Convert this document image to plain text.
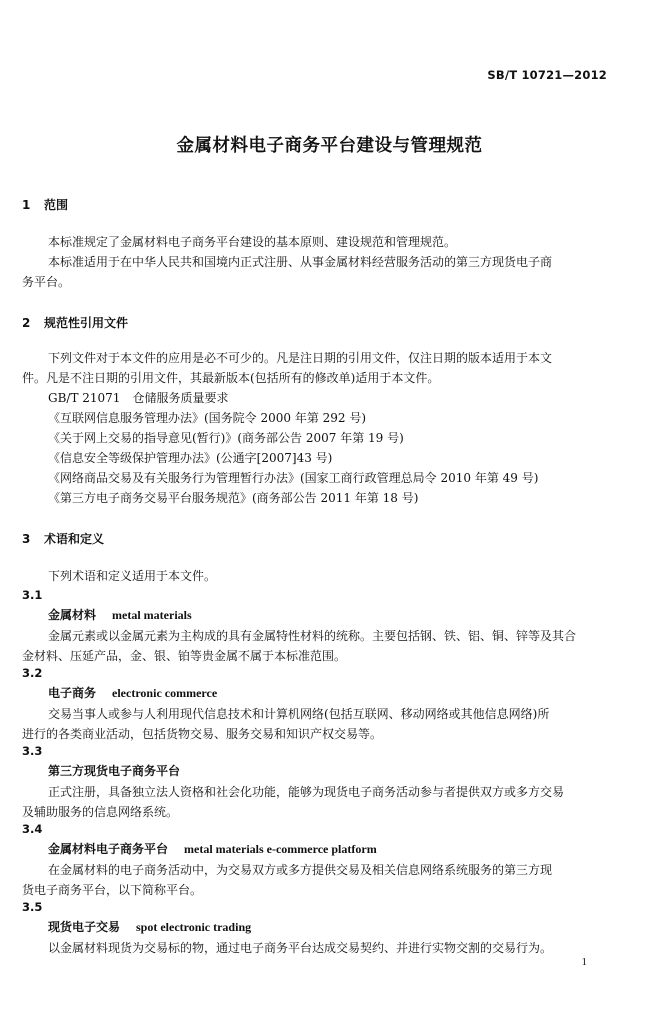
SB/T 10721—2012
金属材料电子商务平台建设与管理规范
1 范围
本标准规定了金属材料电子商务平台建设的基本原则、建设规范和管理规范。
本标准适用于在中华人民共和国境内正式注册、从事金属材料经营服务活动的第三方现货电子商
务平台。
2 规范性引用文件
下列文件对于本文件的应用是必不可少的。凡是注日期的引用文件，仅注日期的版本适用于本文
件。凡是不注日期的引用文件，其最新版本(包括所有的修改单)适用于本文件。
GB/T 21071　仓储服务质量要求
《互联网信息服务管理办法》(国务院令 2000 年第 292 号)
《关于网上交易的指导意见(暂行)》(商务部公告 2007 年第 19 号)
《信息安全等级保护管理办法》(公通字[2007]43 号)
《网络商品交易及有关服务行为管理暂行办法》(国家工商行政管理总局令 2010 年第 49 号)
《第三方电子商务交易平台服务规范》(商务部公告 2011 年第 18 号)
3 术语和定义
下列术语和定义适用于本文件。
3.1
金属材料 metal materials
金属元素或以金属元素为主构成的具有金属特性材料的统称。主要包括钢、铁、铝、铜、锌等及其合
金材料、压延产品，金、银、铂等贵金属不属于本标准范围。
3.2
电子商务 electronic commerce
交易当事人或参与人利用现代信息技术和计算机网络(包括互联网、移动网络或其他信息网络)所
进行的各类商业活动，包括货物交易、服务交易和知识产权交易等。
3.3
第三方现货电子商务平台
正式注册，具备独立法人资格和社会化功能，能够为现货电子商务活动参与者提供双方或多方交易
及辅助服务的信息网络系统。
3.4
金属材料电子商务平台 metal materials e-commerce platform
在金属材料的电子商务活动中，为交易双方或多方提供交易及相关信息网络系统服务的第三方现
货电子商务平台，以下简称平台。
3.5
现货电子交易 spot electronic trading
以金属材料现货为交易标的物，通过电子商务平台达成交易契约、并进行实物交割的交易行为。
1
